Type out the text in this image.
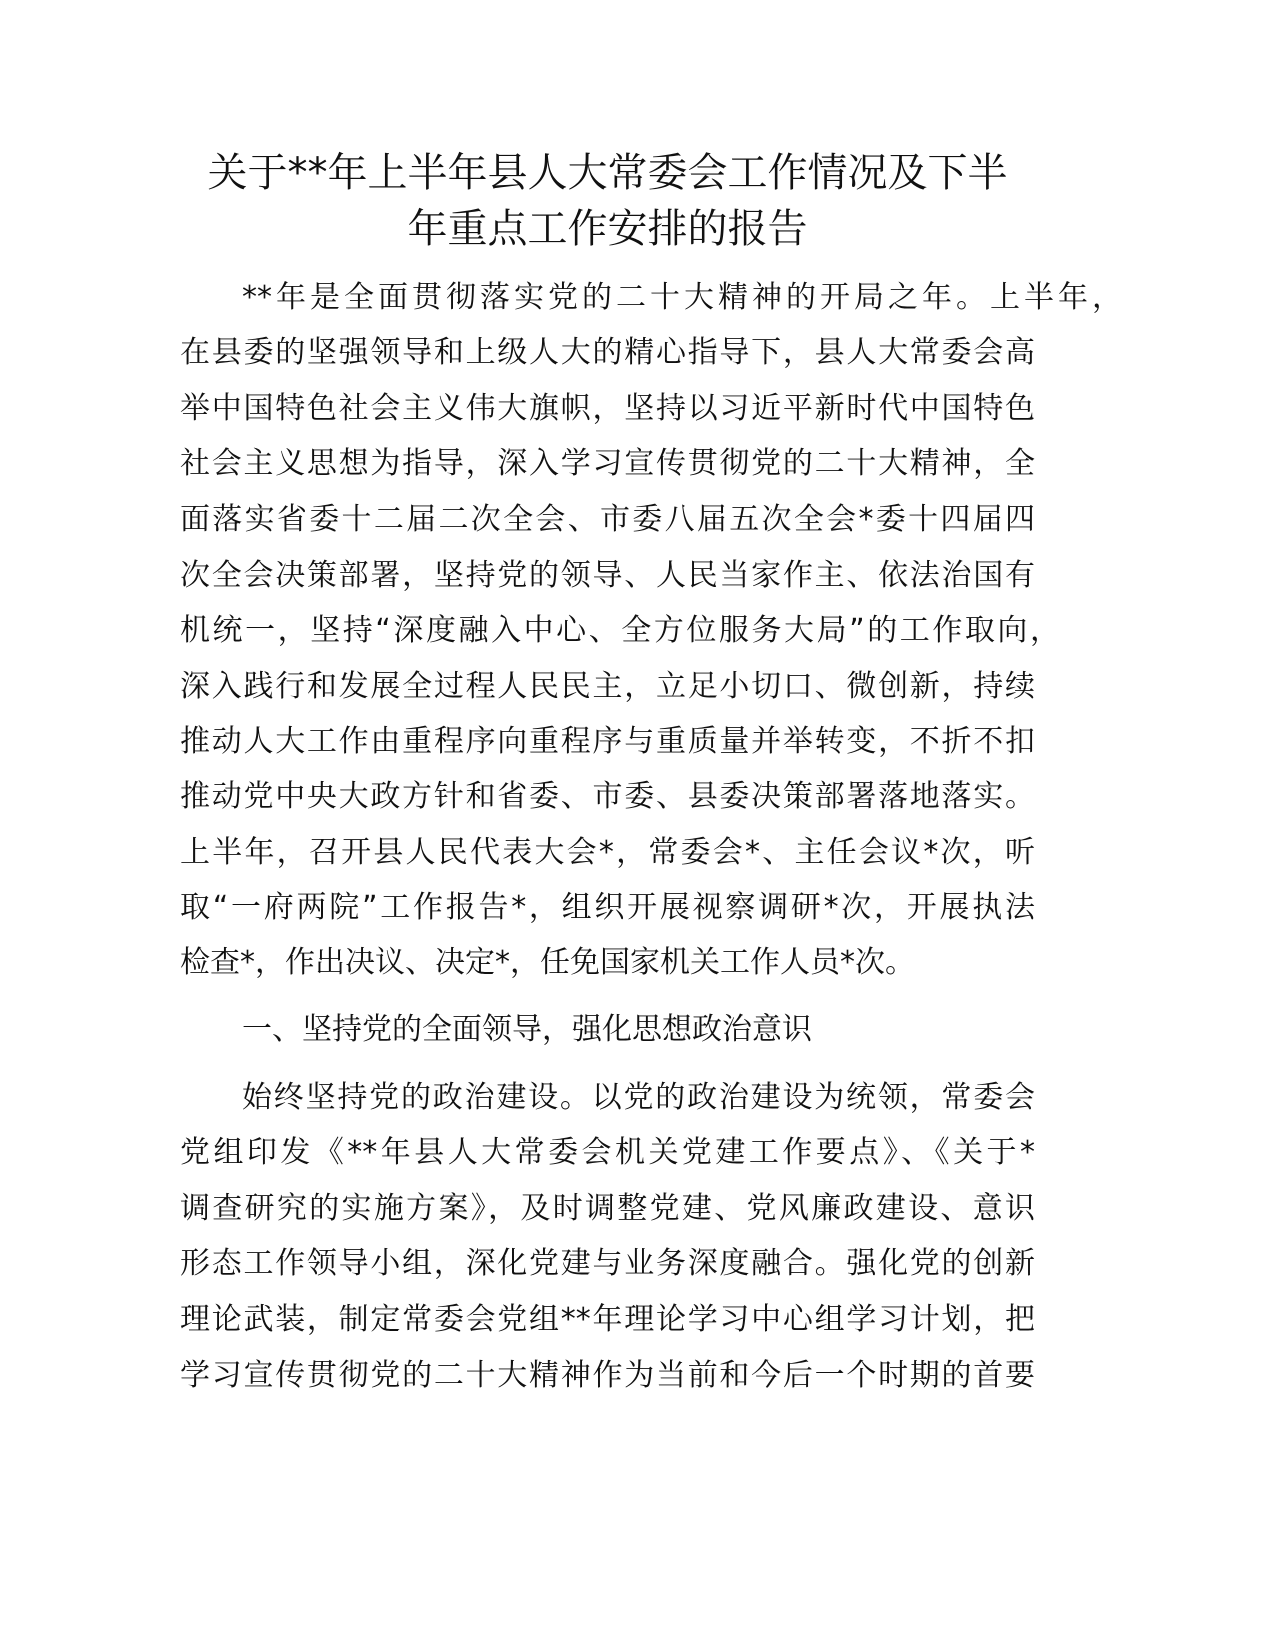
关于**年上半年县人大常委会工作情况及下半
年重点工作安排的报告
**年是全面贯彻落实党的二十大精神的开局之年。上半年，
在县委的坚强领导和上级人大的精心指导下，县人大常委会高
举中国特色社会主义伟大旗帜，坚持以习近平新时代中国特色
社会主义思想为指导，深入学习宣传贯彻党的二十大精神，全
面落实省委十二届二次全会、市委八届五次全会*委十四届四
次全会决策部署，坚持党的领导、人民当家作主、依法治国有
机统一，坚持“深度融入中心、全方位服务大局”的工作取向，
深入践行和发展全过程人民民主，立足小切口、微创新，持续
推动人大工作由重程序向重程序与重质量并举转变，不折不扣
推动党中央大政方针和省委、市委、县委决策部署落地落实。
上半年，召开县人民代表大会*，常委会*、主任会议*次，听
取“一府两院”工作报告*，组织开展视察调研*次，开展执法
检查*，作出决议、决定*，任免国家机关工作人员*次。
一、坚持党的全面领导，强化思想政治意识
始终坚持党的政治建设。以党的政治建设为统领，常委会
党组印发《**年县人大常委会机关党建工作要点》、《关于*
调查研究的实施方案》，及时调整党建、党风廉政建设、意识
形态工作领导小组，深化党建与业务深度融合。强化党的创新
理论武装，制定常委会党组**年理论学习中心组学习计划，把
学习宣传贯彻党的二十大精神作为当前和今后一个时期的首要
